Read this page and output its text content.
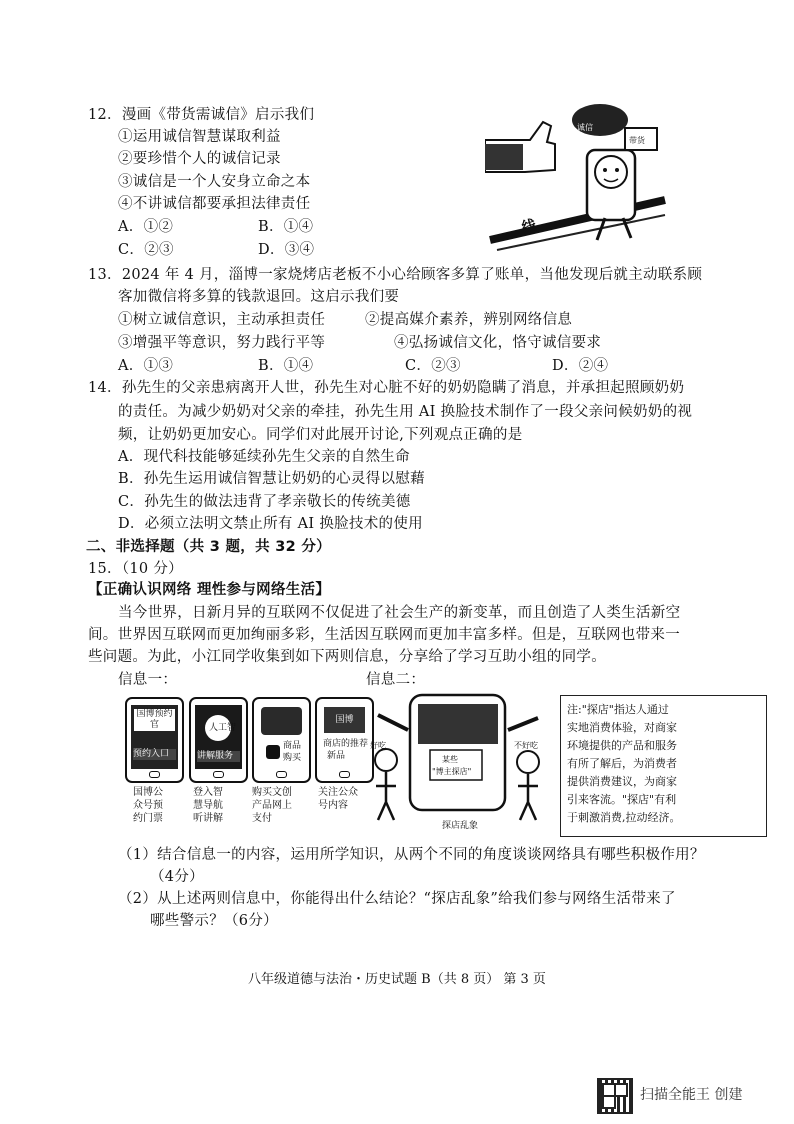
12．漫画《带货需诚信》启示我们
①运用诚信智慧谋取利益
②要珍惜个人的诚信记录
③诚信是一个人安身立命之本
④不讲诚信都要承担法律责任
A．①②	B．①④
C．②③	D．③④
诚信
带货
线
13．2024 年 4 月，淄博一家烧烤店老板不小心给顾客多算了账单，当他发现后就主动联系顾
客加微信将多算的钱款退回。这启示我们要
①树立诚信意识，主动承担责任	②提高媒介素养，辨别网络信息
③增强平等意识，努力践行平等	④弘扬诚信文化，恪守诚信要求
A．①③	B．①④	C．②③	D．②④
14．孙先生的父亲患病离开人世，孙先生对心脏不好的奶奶隐瞒了消息，并承担起照顾奶奶
的责任。为减少奶奶对父亲的牵挂，孙先生用 AI 换脸技术制作了一段父亲问候奶奶的视
频，让奶奶更加安心。同学们对此展开讨论,下列观点正确的是
A．现代科技能够延续孙先生父亲的自然生命
B．孙先生运用诚信智慧让奶奶的心灵得以慰藉
C．孙先生的做法违背了孝亲敬长的传统美德
D．必须立法明文禁止所有 AI 换脸技术的使用
二、非选择题（共 3 题，共 32 分）
15．（10 分）
【正确认识网络 理性参与网络生活】
当今世界，日新月异的互联网不仅促进了社会生产的新变革，而且创造了人类生活新空
间。世界因互联网而更加绚丽多彩，生活因互联网而更加丰富多样。但是，互联网也带来一
些问题。为此，小江同学收集到如下两则信息，分享给了学习互助小组的同学。
信息一：	信息二：
国博预约官
预约入口
国博公
众号预
约门票
人工智
讲解服务
登入智
慧导航
听讲解
商品
购买
购买文创
产品网上
支付
国博
商店的推荐
新品
关注公众
号内容
某些
"博主探店"
好吃	不好吃
探店乱象
注:"探店"指达人通过
实地消费体验，对商家
环境提供的产品和服务
有所了解后，为消费者
提供消费建议，为商家
引来客流。"探店"有利
于刺激消费,拉动经济。
（1）结合信息一的内容，运用所学知识，从两个不同的角度谈谈网络具有哪些积极作用？
（4分）
（2）从上述两则信息中，你能得出什么结论？“探店乱象”给我们参与网络生活带来了
哪些警示？（6分）
八年级道德与法治・历史试题 B（共 8 页） 第 3 页
扫描全能王 创建
